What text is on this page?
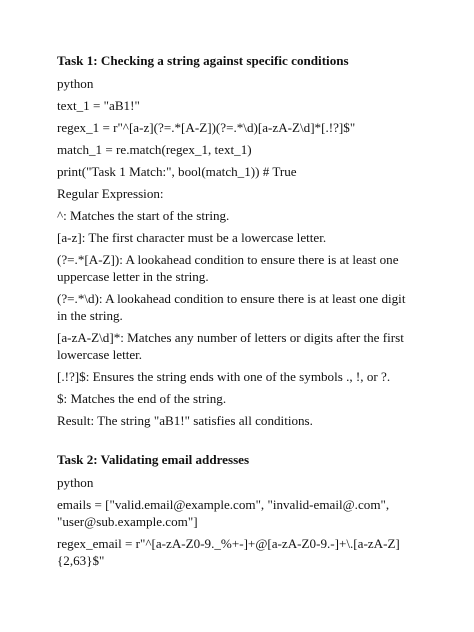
Task 1: Checking a string against specific conditions
python
text_1 = "aB1!"
regex_1 = r"^[a-z](?=.*[A-Z])(?=.*\d)[a-zA-Z\d]*[.!?]$"
match_1 = re.match(regex_1, text_1)
print("Task 1 Match:", bool(match_1)) # True
Regular Expression:
^: Matches the start of the string.
[a-z]: The first character must be a lowercase letter.
(?=.*[A-Z]): A lookahead condition to ensure there is at least one uppercase letter in the string.
(?=.*\d): A lookahead condition to ensure there is at least one digit in the string.
[a-zA-Z\d]*: Matches any number of letters or digits after the first lowercase letter.
[.!?]$: Ensures the string ends with one of the symbols ., !, or ?.
$: Matches the end of the string.
Result: The string "aB1!" satisfies all conditions.
Task 2: Validating email addresses
python
emails = ["valid.email@example.com", "invalid-email@.com", "user@sub.example.com"]
regex_email = r"^[a-zA-Z0-9._%+-]+@[a-zA-Z0-9.-]+\.[a-zA-Z]{2,63}$"
